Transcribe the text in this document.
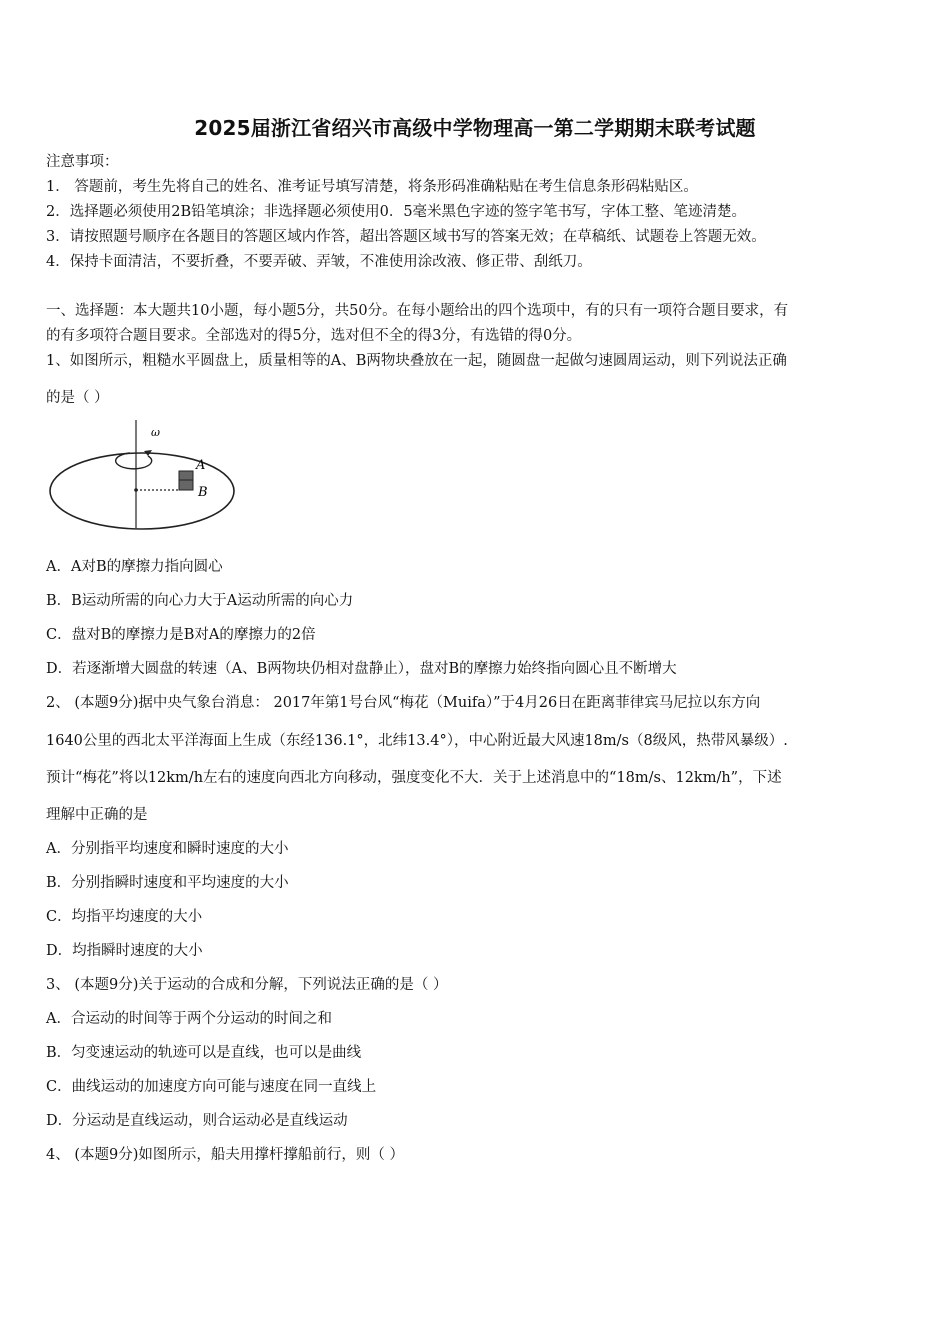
2025届浙江省绍兴市高级中学物理高一第二学期期末联考试题
注意事项：
1． 答题前，考生先将自己的姓名、准考证号填写清楚，将条形码准确粘贴在考生信息条形码粘贴区。
2．选择题必须使用2B铅笔填涂；非选择题必须使用0．5毫米黑色字迹的签字笔书写，字体工整、笔迹清楚。
3．请按照题号顺序在各题目的答题区域内作答，超出答题区域书写的答案无效；在草稿纸、试题卷上答题无效。
4．保持卡面清洁，不要折叠，不要弄破、弄皱，不准使用涂改液、修正带、刮纸刀。
一、选择题：本大题共10小题，每小题5分，共50分。在每小题给出的四个选项中，有的只有一项符合题目要求，有
的有多项符合题目要求。全部选对的得5分，选对但不全的得3分，有选错的得0分。
1、如图所示，粗糙水平圆盘上，质量相等的A、B两物块叠放在一起，随圆盘一起做匀速圆周运动，则下列说法正确
的是（ ）
ω
A
B
A．A对B的摩擦力指向圆心
B．B运动所需的向心力大于A运动所需的向心力
C．盘对B的摩擦力是B对A的摩擦力的2倍
D．若逐渐增大圆盘的转速（A、B两物块仍相对盘静止），盘对B的摩擦力始终指向圆心且不断增大
2、 (本题9分)据中央气象台消息： 2017年第1号台风“梅花（Muifa）”于4月26日在距离菲律宾马尼拉以东方向
1640公里的西北太平洋海面上生成（东经136.1°，北纬13.4°），中心附近最大风速18m/s（8级风，热带风暴级）.
预计“梅花”将以12km/h左右的速度向西北方向移动，强度变化不大．关于上述消息中的“18m/s、12km/h”，下述
理解中正确的是
A．分别指平均速度和瞬时速度的大小
B．分别指瞬时速度和平均速度的大小
C．均指平均速度的大小
D．均指瞬时速度的大小
3、 (本题9分)关于运动的合成和分解，下列说法正确的是（ ）
A．合运动的时间等于两个分运动的时间之和
B．匀变速运动的轨迹可以是直线，也可以是曲线
C．曲线运动的加速度方向可能与速度在同一直线上
D．分运动是直线运动，则合运动必是直线运动
4、 (本题9分)如图所示，船夫用撑杆撑船前行，则（ ）
